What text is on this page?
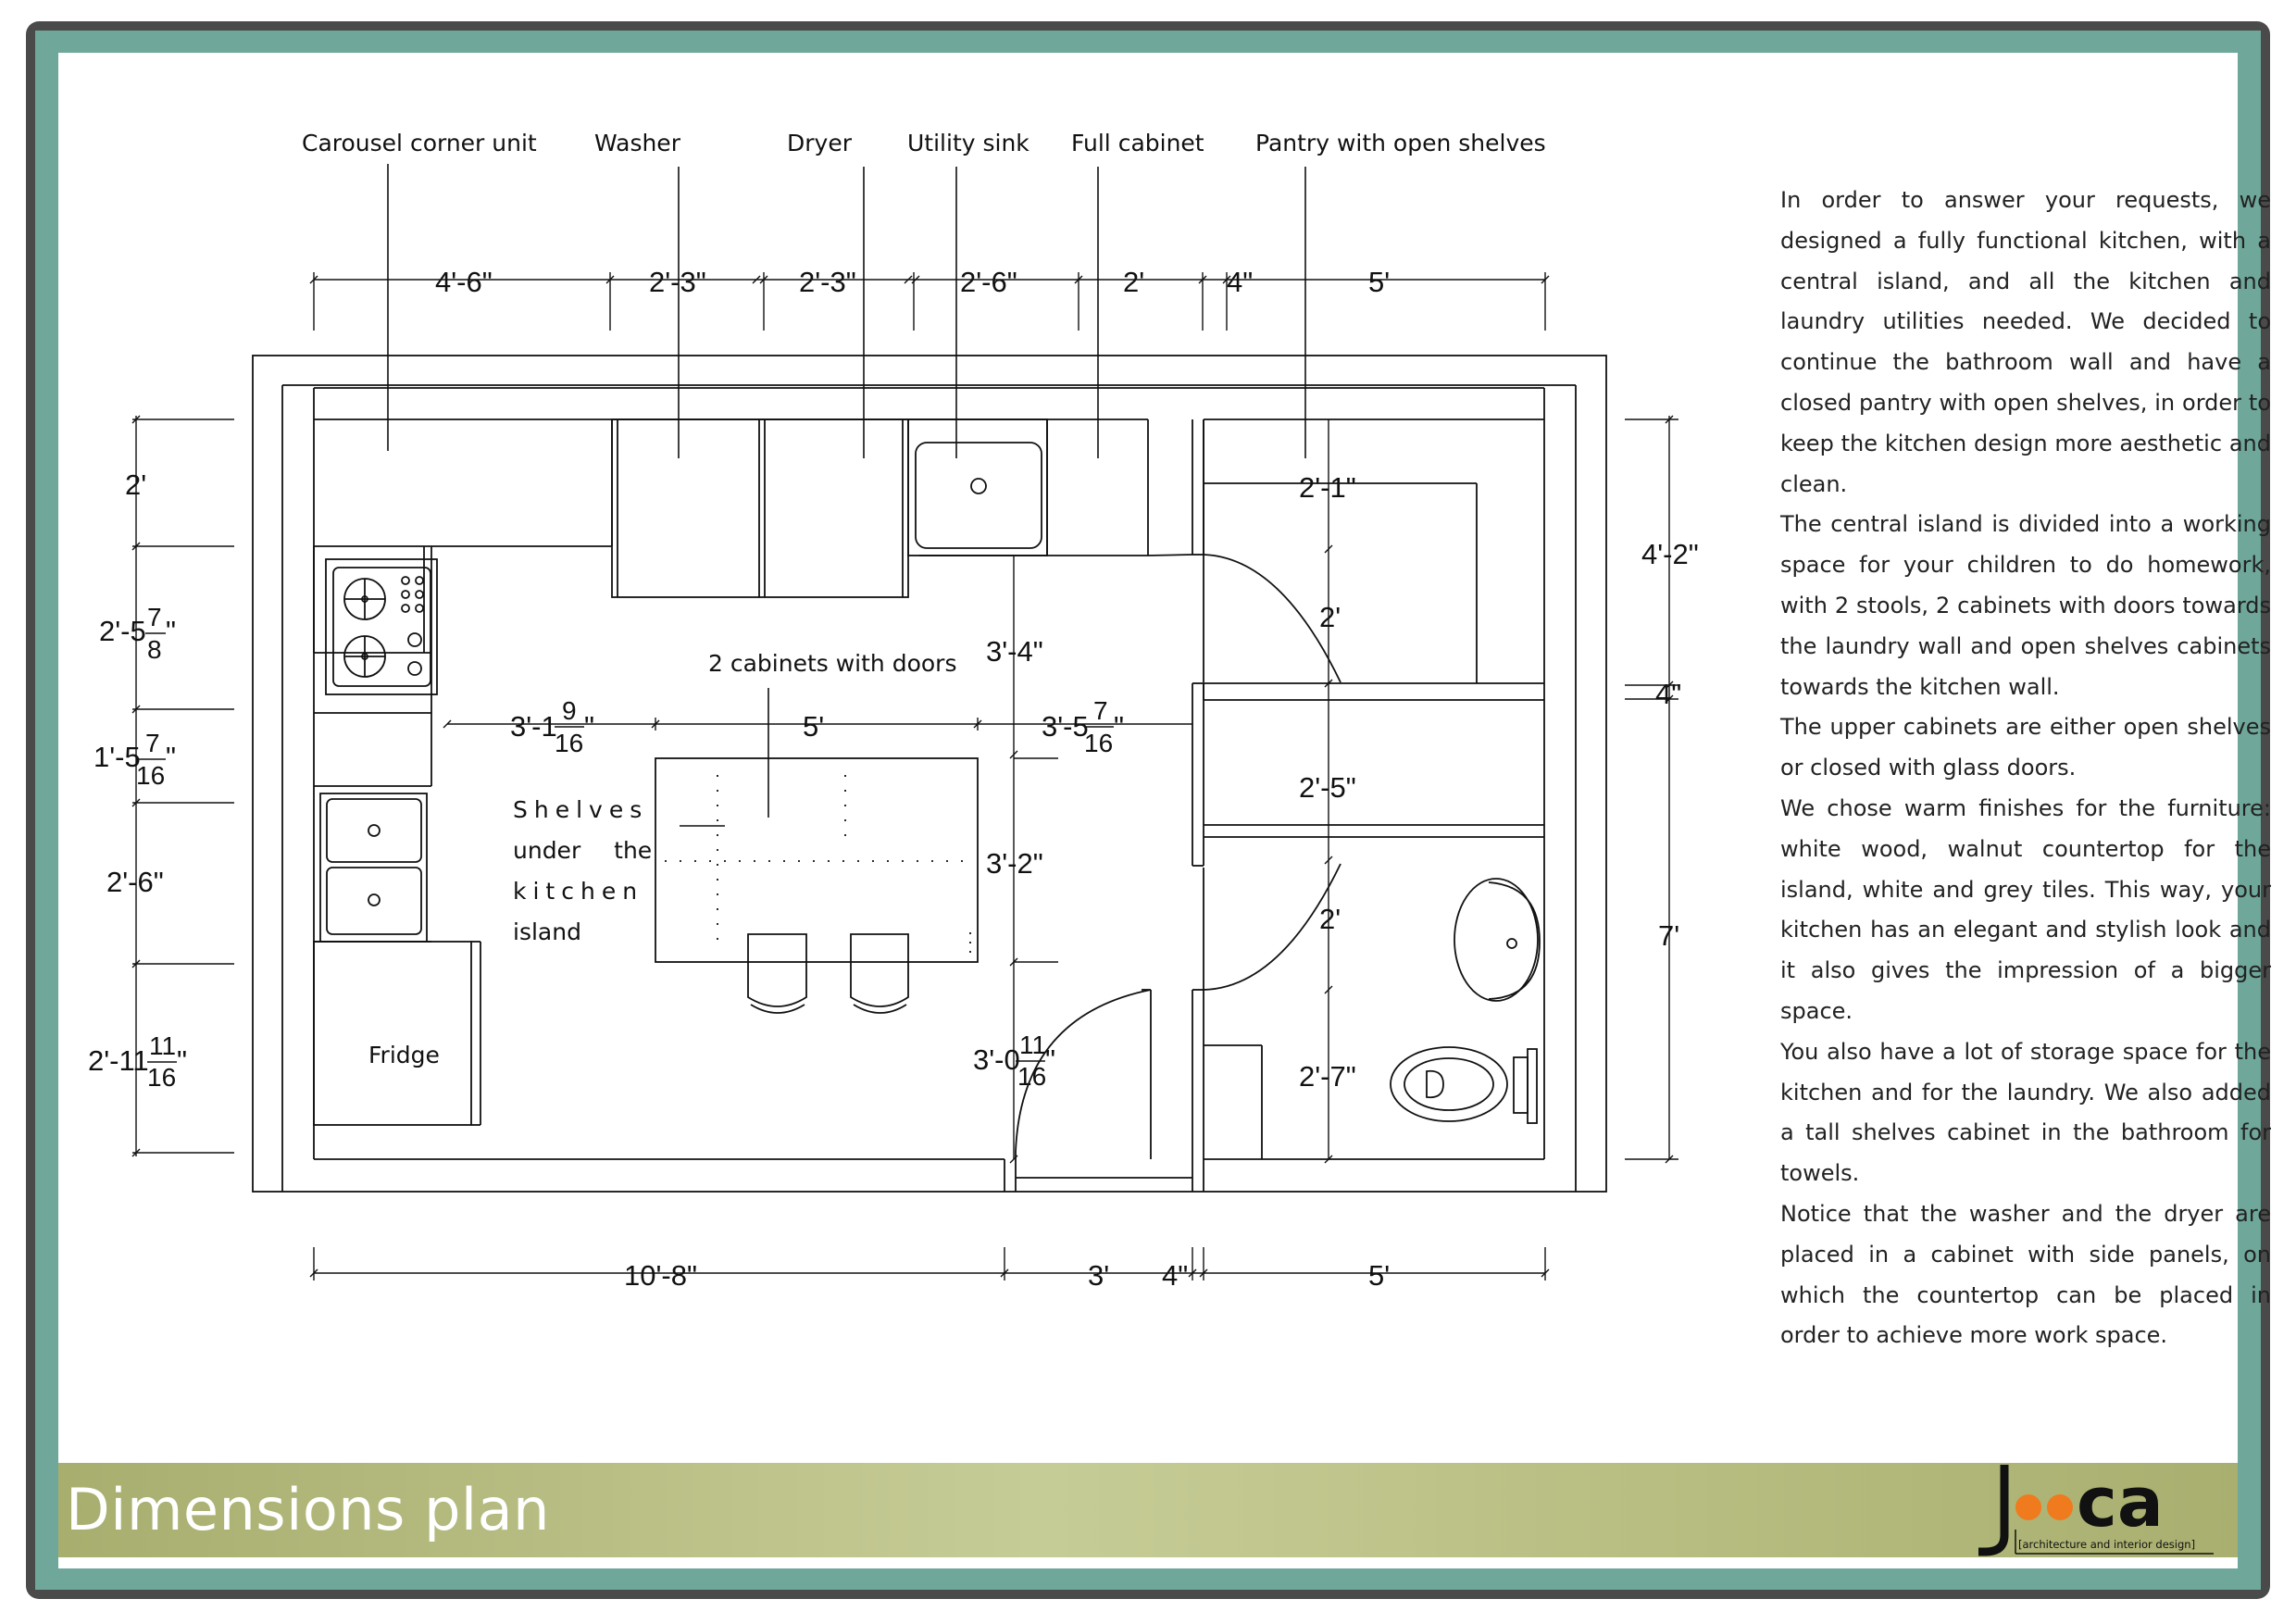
Carousel corner unit Washer	Dryer Utility sink Full cabinet Pantry with open shelves
2 cabinets with doors
Shelves
under the
kitchen
island
Fridge
4'-6"	2'-3"	2'-3"	2'-6"	2'	4"	5'
2'
2'-5 7
8
"
1'-5 7
16
"
2'-6"
2'-11 11
16
"
3'-1 9
16
"	5'	3'-5 7
16
"
3'-4"
3'-2"
3'-0 11
16
"
2'-1"
2'
2'-5"
2'
2'-7"
4'-2"
4"
7'
10'-8"	3' 4"	5'

In order to answer your requests, we designed a fully functional kitchen, with a central island, and all the kitchen and laundry utilities needed. We decided to continue the bathroom wall and have a closed pantry with open shelves, in order to keep the kitchen design more aesthetic and clean.

The central island is divided into a working space for your children to do homework, with 2 stools, 2 cabinets with doors towards the laundry wall and open shelves cabinets towards the kitchen wall.

The upper cabinets are either open shelves or closed with glass doors.

We chose warm finishes for the furniture: white wood, walnut countertop for the island, white and grey tiles. This way, your kitchen has an elegant and stylish look and it also gives the impression of a bigger space.

You also have a lot of storage space for the kitchen and for the laundry. We also added a tall shelves cabinet in the bathroom for towels.

Notice that the washer and the dryer are placed in a cabinet with side panels, on which the countertop can be placed in order to achieve more work space.

Dimensions plan	ca
[architecture and interior design]
